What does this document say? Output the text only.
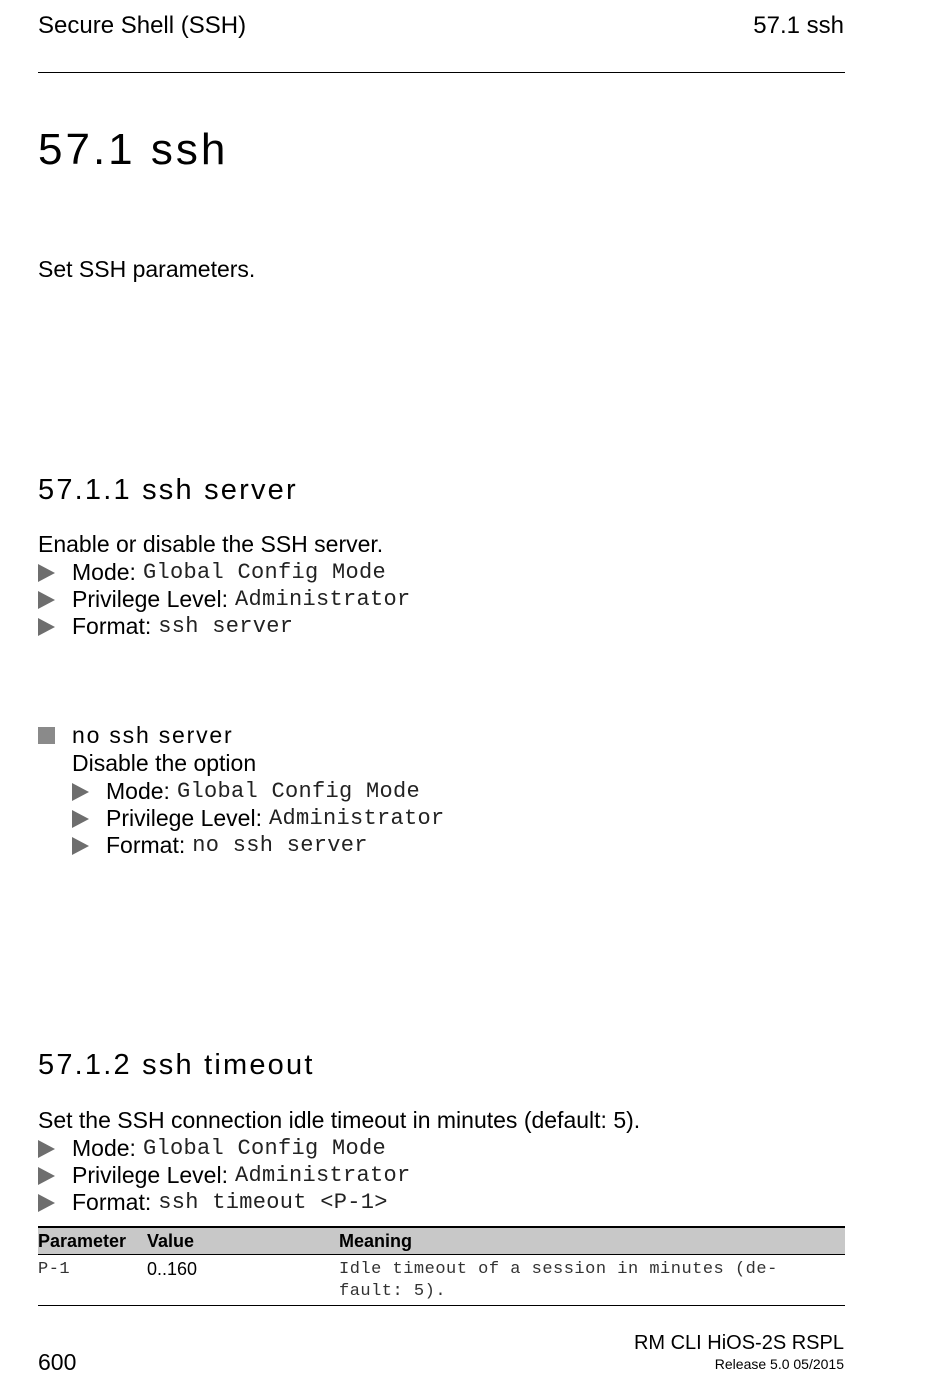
Secure Shell (SSH)	57.1 ssh
57.1 ssh

Set SSH parameters.

57.1.1 ssh server

Enable or disable the SSH server.

Mode: Global Config Mode
Privilege Level: Administrator
Format: ssh server
no ssh server

Disable the option

Mode: Global Config Mode
Privilege Level: Administrator
Format: no ssh server
57.1.2 ssh timeout

Set the SSH connection idle timeout in minutes (default: 5).

Mode: Global Config Mode
Privilege Level: Administrator
Format: ssh timeout <P-1>
Parameter	Value	Meaning
P-1	0..160	Idle timeout of a session in minutes (de-
fault: 5).
600
RM CLI HiOS-2S RSPL
Release 5.0 05/2015
